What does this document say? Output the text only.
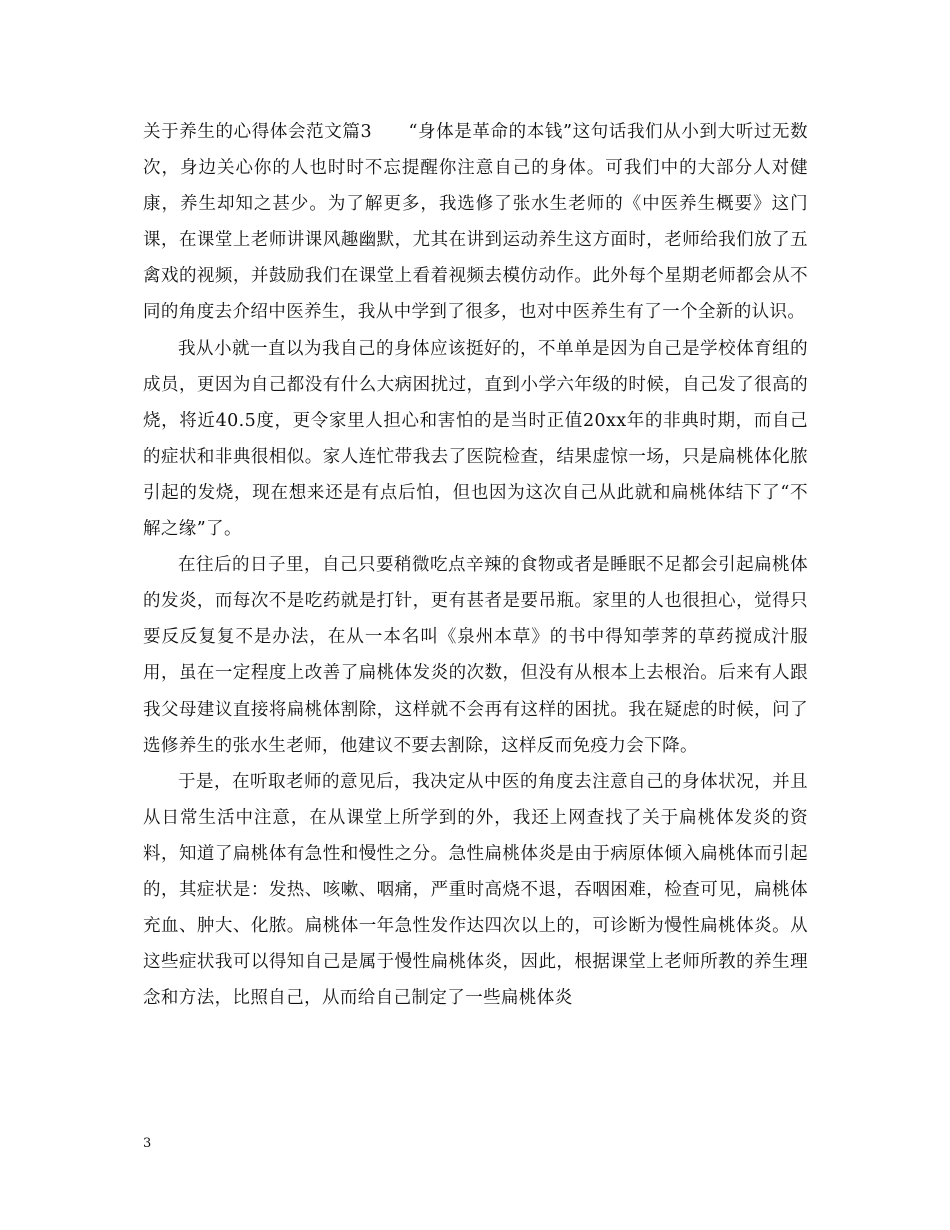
关于养生的心得体会范文篇3　　“身体是革命的本钱”这句话我们从小到大听过无数次，身边关心你的人也时时不忘提醒你注意自己的身体。可我们中的大部分人对健康，养生却知之甚少。为了解更多，我选修了张水生老师的《中医养生概要》这门课，在课堂上老师讲课风趣幽默，尤其在讲到运动养生这方面时，老师给我们放了五禽戏的视频，并鼓励我们在课堂上看着视频去模仿动作。此外每个星期老师都会从不同的角度去介绍中医养生，我从中学到了很多，也对中医养生有了一个全新的认识。

我从小就一直以为我自己的身体应该挺好的，不单单是因为自己是学校体育组的成员，更因为自己都没有什么大病困扰过，直到小学六年级的时候，自己发了很高的烧，将近40.5度，更令家里人担心和害怕的是当时正值20xx年的非典时期，而自己的症状和非典很相似。家人连忙带我去了医院检查，结果虚惊一场，只是扁桃体化脓引起的发烧，现在想来还是有点后怕，但也因为这次自己从此就和扁桃体结下了“不解之缘”了。

在往后的日子里，自己只要稍微吃点辛辣的食物或者是睡眠不足都会引起扁桃体的发炎，而每次不是吃药就是打针，更有甚者是要吊瓶。家里的人也很担心，觉得只要反反复复不是办法，在从一本名叫《泉州本草》的书中得知荸荠的草药搅成汁服用，虽在一定程度上改善了扁桃体发炎的次数，但没有从根本上去根治。后来有人跟我父母建议直接将扁桃体割除，这样就不会再有这样的困扰。我在疑虑的时候，问了选修养生的张水生老师，他建议不要去割除，这样反而免疫力会下降。

于是，在听取老师的意见后，我决定从中医的角度去注意自己的身体状况，并且从日常生活中注意，在从课堂上所学到的外，我还上网查找了关于扁桃体发炎的资料，知道了扁桃体有急性和慢性之分。急性扁桃体炎是由于病原体倾入扁桃体而引起的，其症状是：发热、咳嗽、咽痛，严重时高烧不退，吞咽困难，检查可见，扁桃体充血、肿大、化脓。扁桃体一年急性发作达四次以上的，可诊断为慢性扁桃体炎。从这些症状我可以得知自己是属于慢性扁桃体炎，因此，根据课堂上老师所教的养生理念和方法，比照自己，从而给自己制定了一些扁桃体炎

3
